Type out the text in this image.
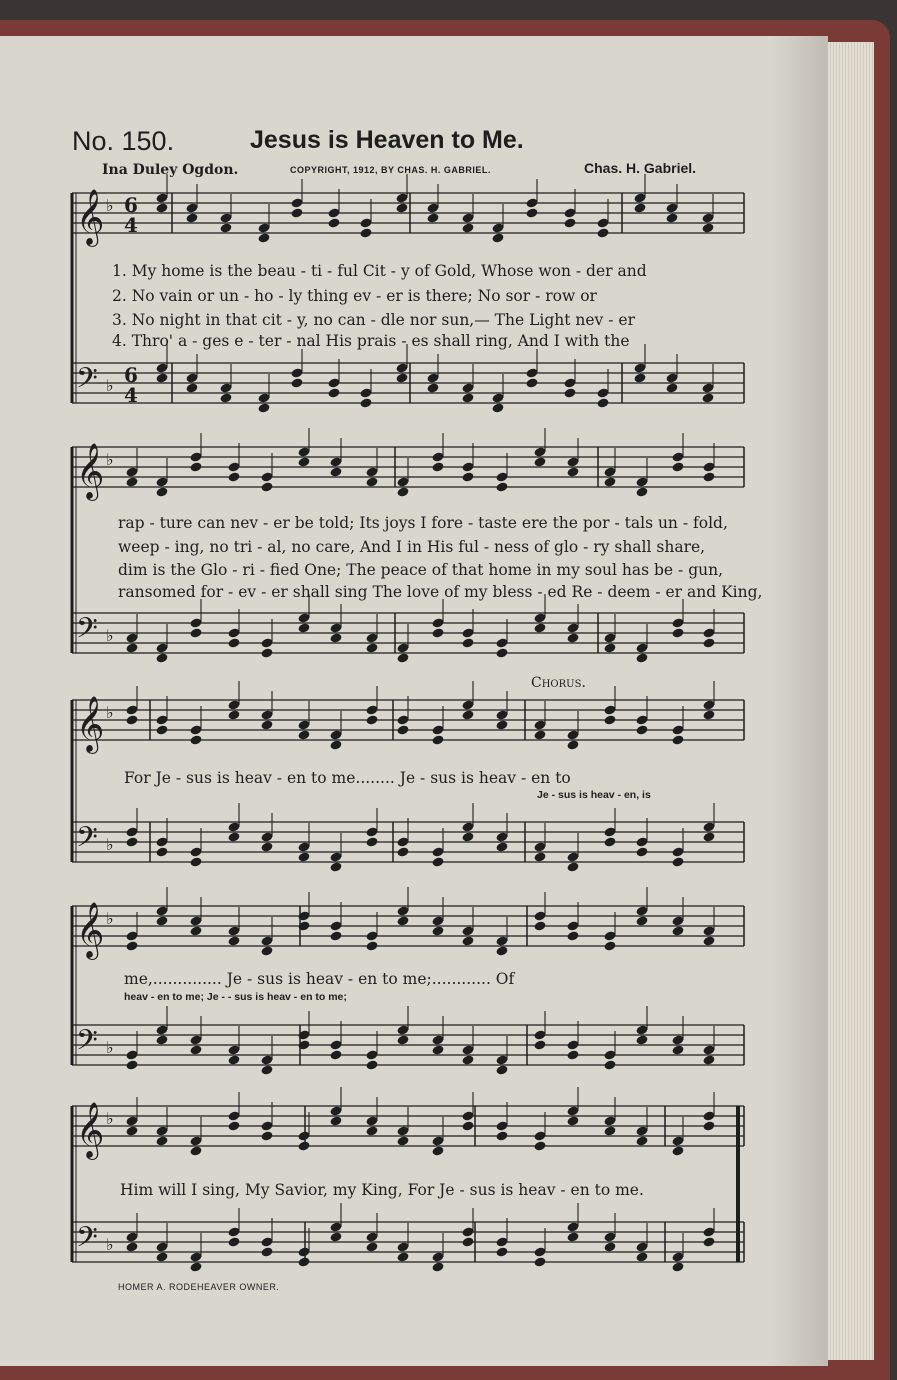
𝄞 ♭
𝄢 ♭
𝄞 ♭
𝄢 ♭
𝄞 ♭
𝄢 ♭
𝄞 ♭
𝄢 ♭
𝄞 ♭
𝄢 ♭
6
4
6
4
No. 150.	Jesus is Heaven to Me.
Ina Duley Ogdon.	COPYRIGHT, 1912, BY CHAS. H. GABRIEL.	Chas. H. Gabriel.
Chorus.
1. My home is the beau - ti - ful Cit - y of Gold, Whose won - der and
2. No vain or un - ho - ly thing ev - er is there; No sor - row or
3. No night in that cit - y, no can - dle nor sun,— The Light nev - er
4. Thro' a - ges e - ter - nal His prais - es shall ring, And I with the
rap - ture can nev - er be told; Its joys I fore - taste ere the por - tals un - fold,
weep - ing, no tri - al, no care, And I in His ful - ness of glo - ry shall share,
dim is the Glo - ri - fied One; The peace of that home in my soul has be - gun,
ransomed for - ev - er shall sing The love of my bless - ed Re - deem - er and King,
For Je - sus is heav - en to me........ Je - sus is heav - en to
Je - sus is heav - en, is
me,.............. Je - sus is heav - en to me;............ Of
heav - en to me; Je - - sus is heav - en to me;
Him will I sing, My Savior, my King, For Je - sus is heav - en to me.
HOMER A. RODEHEAVER OWNER.
